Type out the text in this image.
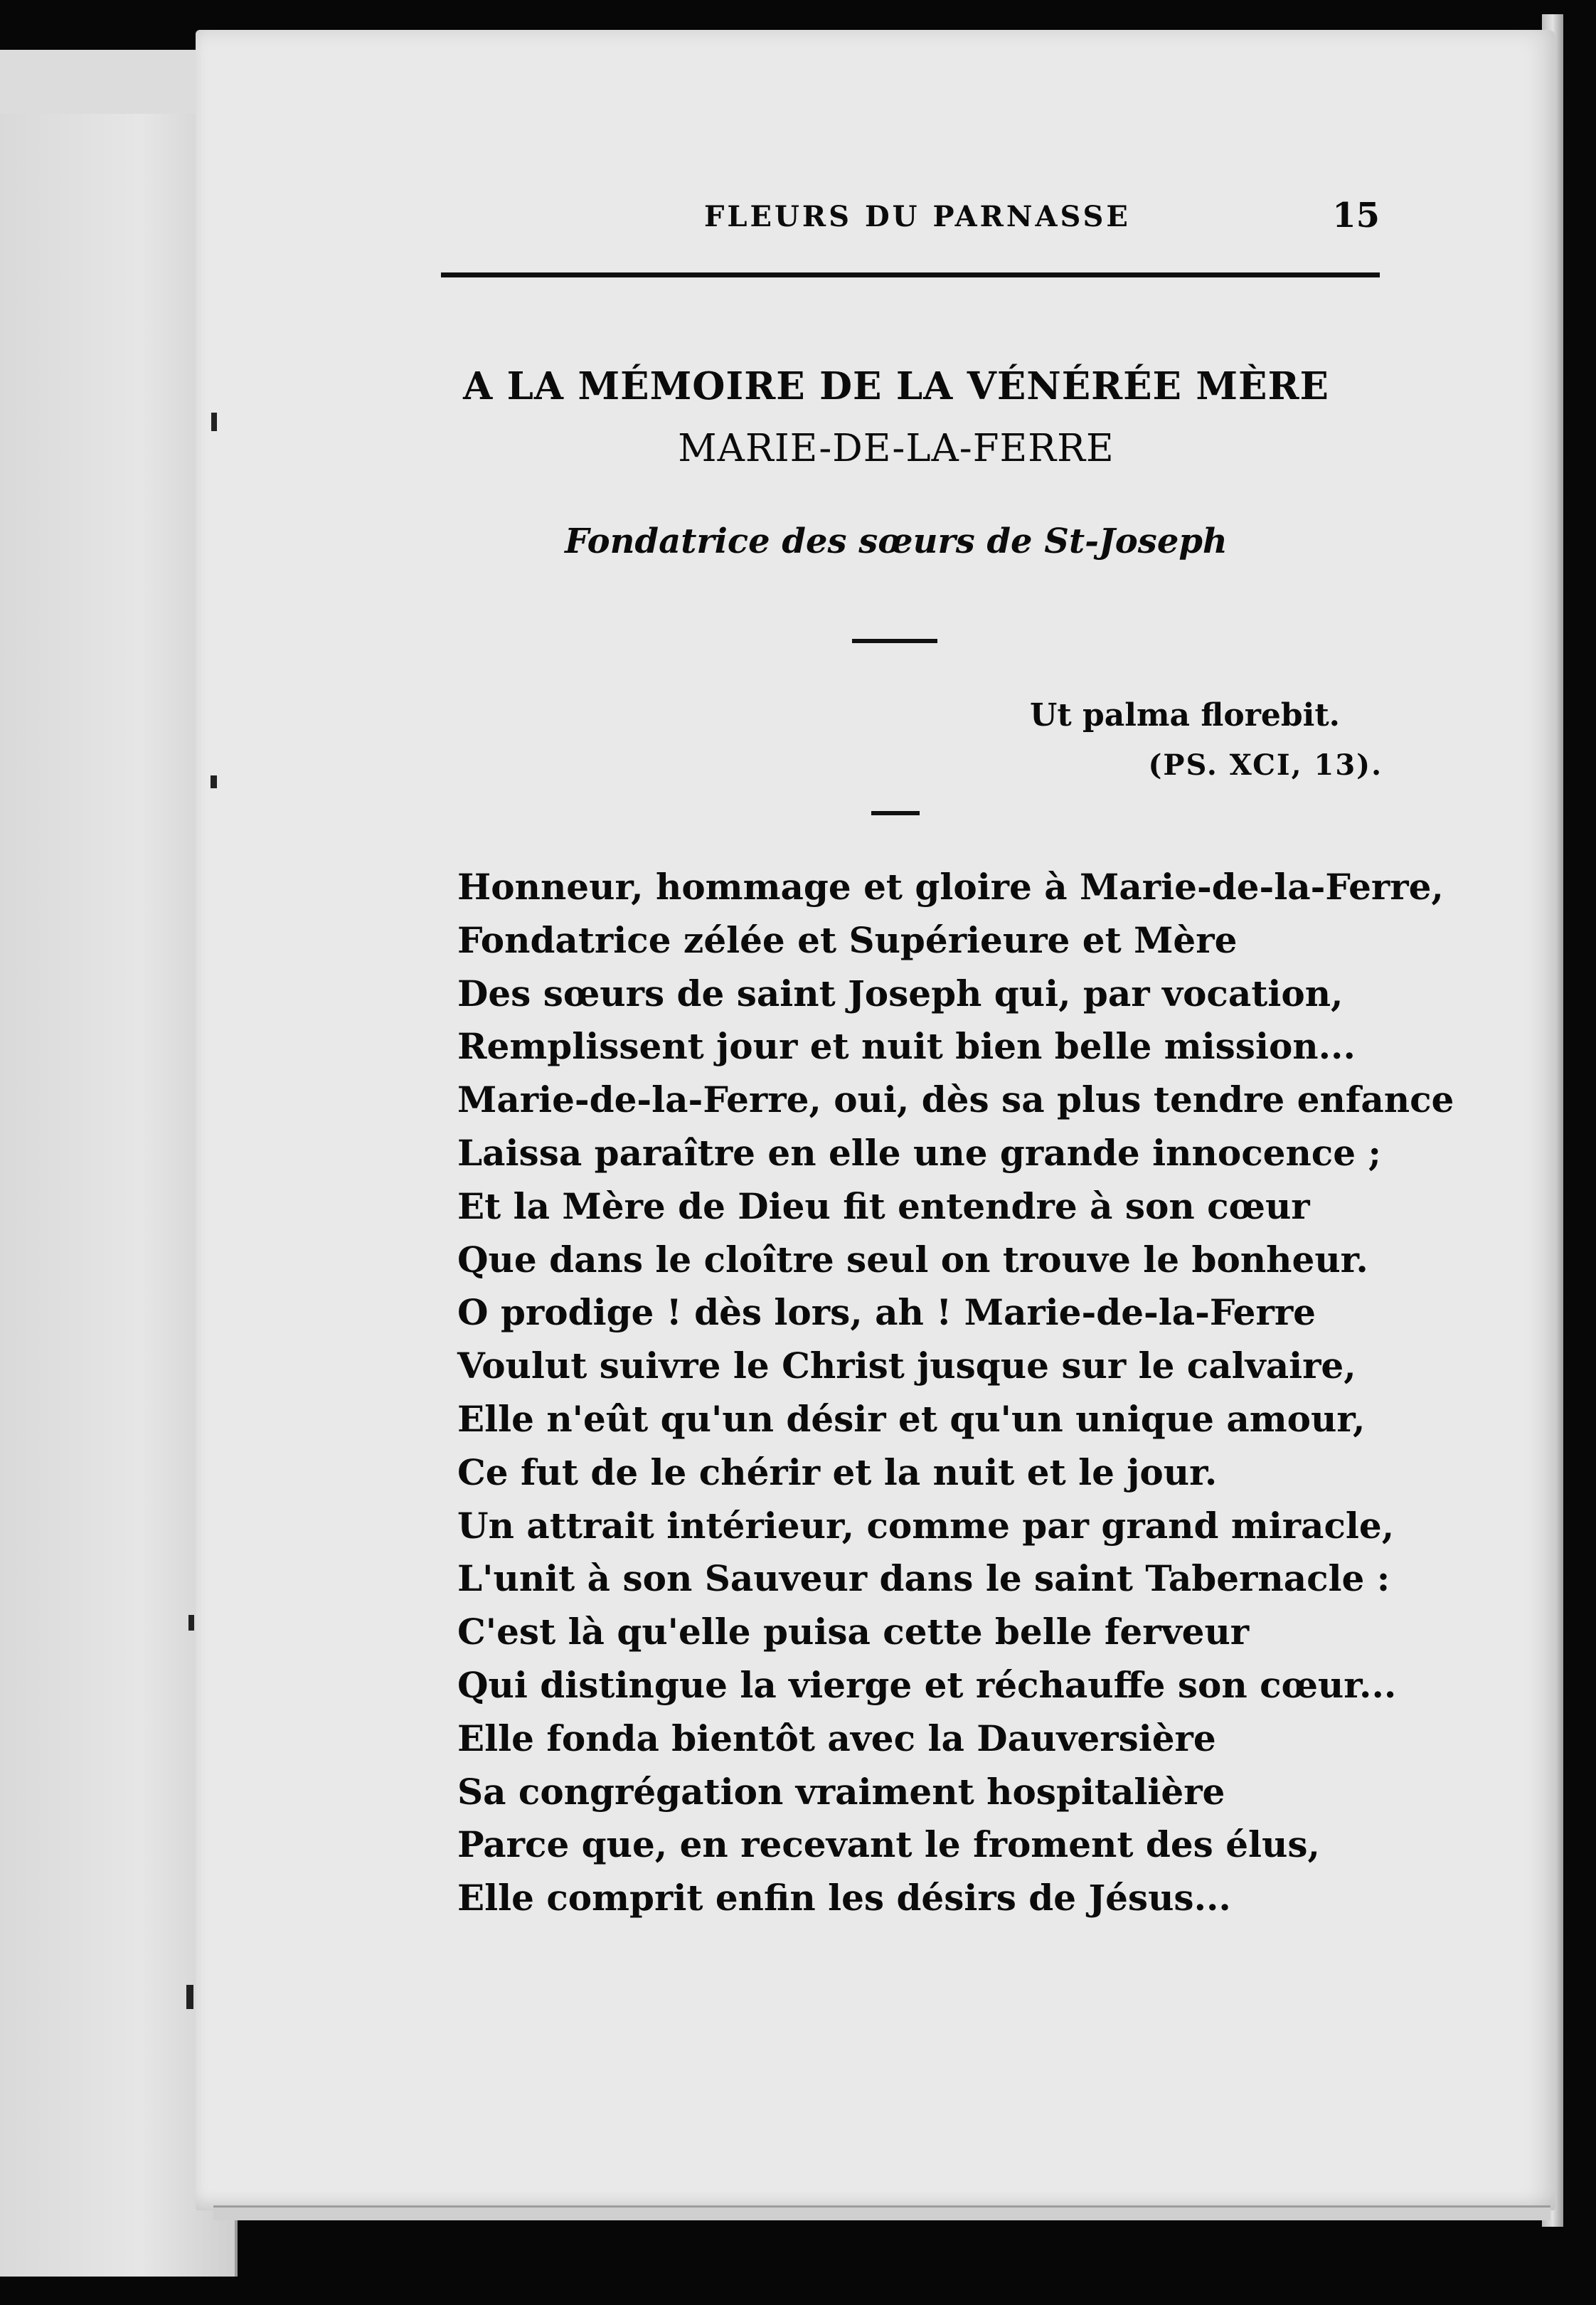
FLEURS DU PARNASSE	15
A LA MÉMOIRE DE LA VÉNÉRÉE MÈRE
MARIE-DE-LA-FERRE
Fondatrice des sœurs de St-Joseph
Ut palma florebit.
(PS. XCI, 13).
Honneur, hommage et gloire à Marie-de-la-Ferre,
Fondatrice zélée et Supérieure et Mère
Des sœurs de saint Joseph qui, par vocation,
Remplissent jour et nuit bien belle mission...
Marie-de-la-Ferre, oui, dès sa plus tendre enfance
Laissa paraître en elle une grande innocence ;
Et la Mère de Dieu fit entendre à son cœur
Que dans le cloître seul on trouve le bonheur.
O prodige ! dès lors, ah ! Marie-de-la-Ferre
Voulut suivre le Christ jusque sur le calvaire,
Elle n'eût qu'un désir et qu'un unique amour,
Ce fut de le chérir et la nuit et le jour.
Un attrait intérieur, comme par grand miracle,
L'unit à son Sauveur dans le saint Tabernacle :
C'est là qu'elle puisa cette belle ferveur
Qui distingue la vierge et réchauffe son cœur...
Elle fonda bientôt avec la Dauversière
Sa congrégation vraiment hospitalière
Parce que, en recevant le froment des élus,
Elle comprit enfin les désirs de Jésus...
